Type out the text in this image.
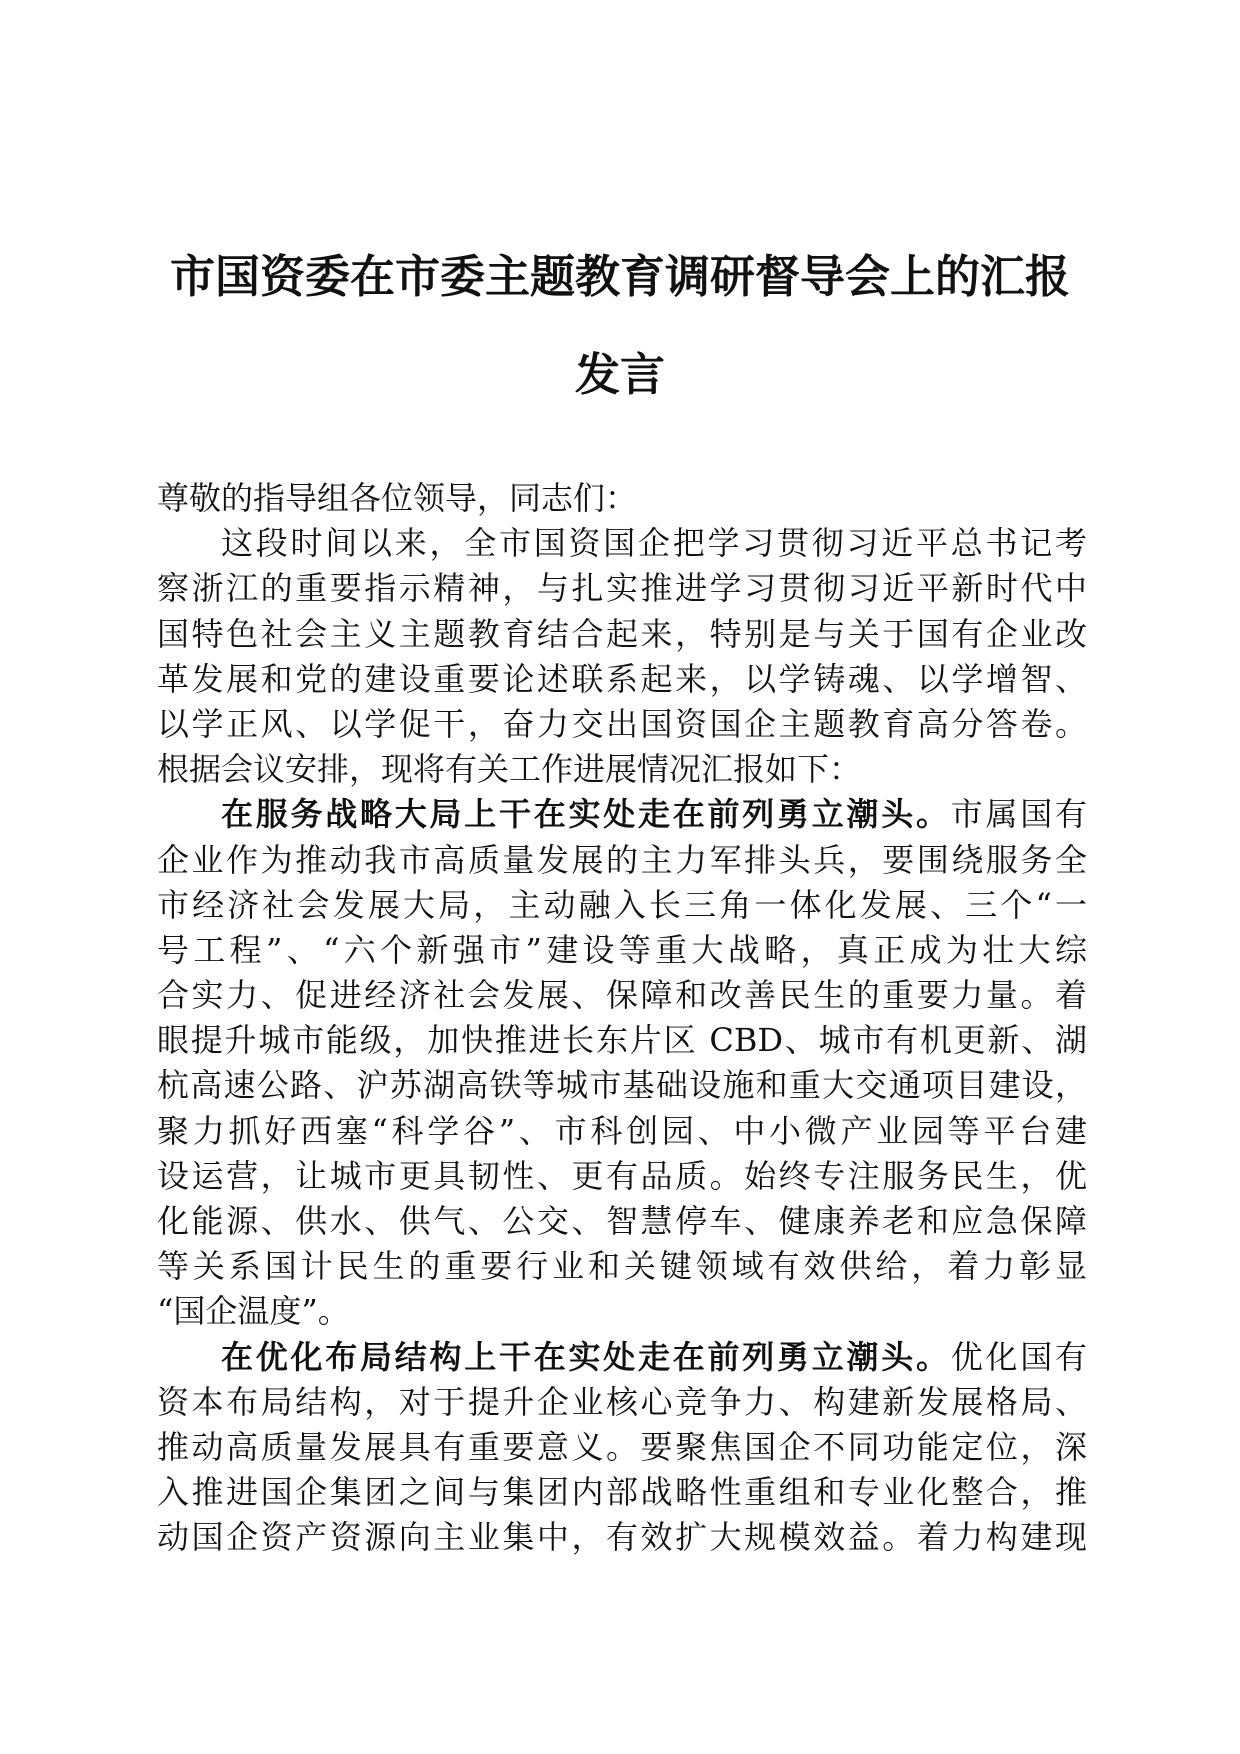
市国资委在市委主题教育调研督导会上的汇报
发言
尊敬的指导组各位领导，同志们：
这段时间以来，全市国资国企把学习贯彻习近平总书记考
察浙江的重要指示精神，与扎实推进学习贯彻习近平新时代中
国特色社会主义主题教育结合起来，特别是与关于国有企业改
革发展和党的建设重要论述联系起来，以学铸魂、以学增智、
以学正风、以学促干，奋力交出国资国企主题教育高分答卷。
根据会议安排，现将有关工作进展情况汇报如下：
在服务战略大局上干在实处走在前列勇立潮头。市属国有
企业作为推动我市高质量发展的主力军排头兵，要围绕服务全
市经济社会发展大局，主动融入长三角一体化发展、三个“一
号工程”、“六个新强市”建设等重大战略，真正成为壮大综
合实力、促进经济社会发展、保障和改善民生的重要力量。着
眼提升城市能级，加快推进长东片区 CBD、城市有机更新、湖
杭高速公路、沪苏湖高铁等城市基础设施和重大交通项目建设，
聚力抓好西塞“科学谷”、市科创园、中小微产业园等平台建
设运营，让城市更具韧性、更有品质。始终专注服务民生，优
化能源、供水、供气、公交、智慧停车、健康养老和应急保障
等关系国计民生的重要行业和关键领域有效供给，着力彰显
“国企温度”。
在优化布局结构上干在实处走在前列勇立潮头。优化国有
资本布局结构，对于提升企业核心竞争力、构建新发展格局、
推动高质量发展具有重要意义。要聚焦国企不同功能定位，深
入推进国企集团之间与集团内部战略性重组和专业化整合，推
动国企资产资源向主业集中，有效扩大规模效益。着力构建现
